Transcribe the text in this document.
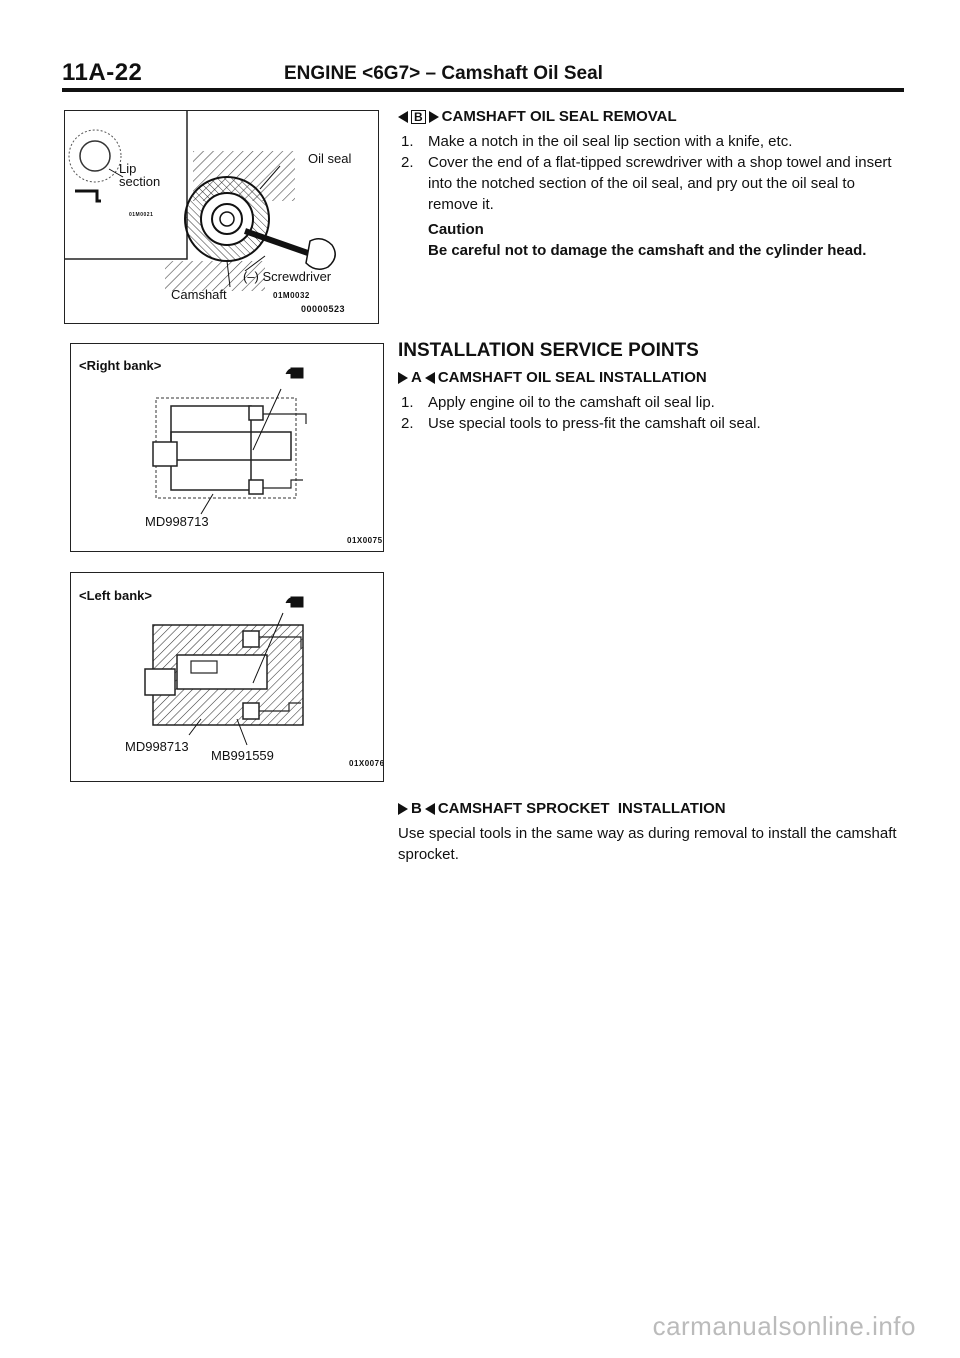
11A-22	ENGINE <6G7> – Camshaft Oil Seal
Lip
section
01M0021
Oil seal
(–) Screwdriver
Camshaft	01M0032
00000523
<Right bank>
MD998713
01X0075
<Left bank>
MD998713
MB991559
01X0076
B CAMSHAFT OIL SEAL REMOVAL
1. Make a notch in the oil seal lip section with a knife, etc.
2. Cover the end of a flat-tipped screwdriver with a shop towel and insert into the notched section of the oil seal, and pry out the oil seal to remove it.
Caution
Be careful not to damage the camshaft and the cylinder head.
INSTALLATION SERVICE POINTS
A CAMSHAFT OIL SEAL INSTALLATION
1. Apply engine oil to the camshaft oil seal lip.
2. Use special tools to press-fit the camshaft oil seal.
B CAMSHAFT SPROCKET  INSTALLATION
Use special tools in the same way as during removal to install the camshaft sprocket.
carmanualsonline.info
